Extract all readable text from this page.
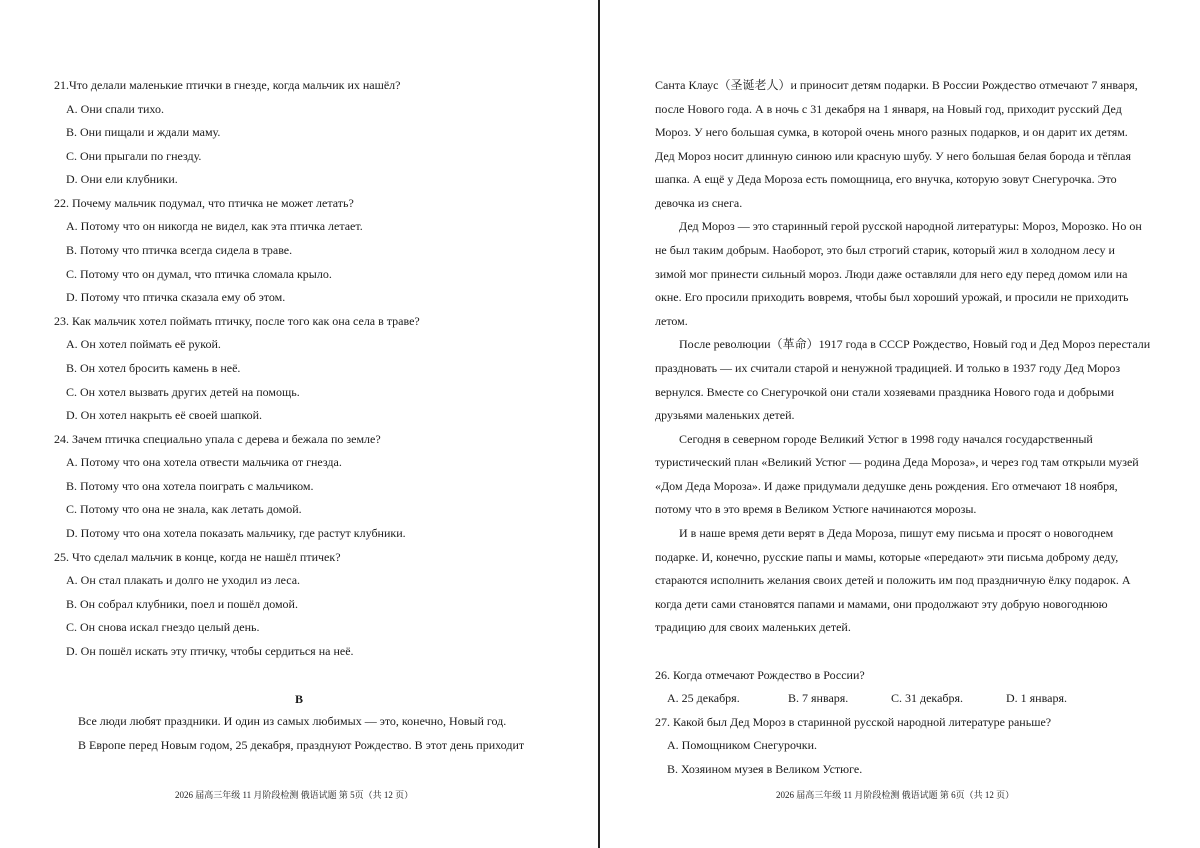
21.Что делали маленькие птички в гнезде, когда мальчик их нашёл?
A. Они спали тихо.
B. Они пищали и ждали маму.
C. Они прыгали по гнезду.
D. Они ели клубники.
22. Почему мальчик подумал, что птичка не может летать?
A. Потому что он никогда не видел, как эта птичка летает.
B. Потому что птичка всегда сидела в траве.
C. Потому что он думал, что птичка сломала крыло.
D. Потому что птичка сказала ему об этом.
23. Как мальчик хотел поймать птичку, после того как она села в траве?
A. Он хотел поймать её рукой.
B. Он хотел бросить камень в неё.
C. Он хотел вызвать других детей на помощь.
D. Он хотел накрыть её своей шапкой.
24. Зачем птичка специально упала с дерева и бежала по земле?
A. Потому что она хотела отвести мальчика от гнезда.
B. Потому что она хотела поиграть с мальчиком.
C. Потому что она не знала, как летать домой.
D. Потому что она хотела показать мальчику, где растут клубники.
25. Что сделал мальчик в конце, когда не нашёл птичек?
A. Он стал плакать и долго не уходил из леса.
B. Он собрал клубники, поел и пошёл домой.
C. Он снова искал гнездо целый день.
D. Он пошёл искать эту птичку, чтобы сердиться на неё.
B
Все люди любят праздники. И один из самых любимых — это, конечно, Новый год.
В Европе перед Новым годом, 25 декабря, празднуют Рождество. В этот день приходит
2026 届高三年级 11 月阶段检测 俄语试题 第 5页（共 12 页）
Санта Клаус（圣诞老人）и приносит детям подарки. В России Рождество отмечают 7 января,
после Нового года. А в ночь с 31 декабря на 1 января, на Новый год, приходит русский Дед
Мороз. У него большая сумка, в которой очень много разных подарков, и он дарит их детям.
Дед Мороз носит длинную синюю или красную шубу. У него большая белая борода и тёплая
шапка. А ещё у Деда Мороза есть помощница, его внучка, которую зовут Снегурочка. Это
девочка из снега.
Дед Мороз — это старинный герой русской народной литературы: Мороз, Морозко. Но он
не был таким добрым. Наоборот, это был строгий старик, который жил в холодном лесу и
зимой мог принести сильный мороз. Люди даже оставляли для него еду перед домом или на
окне. Его просили приходить вовремя, чтобы был хороший урожай, и просили не приходить
летом.
После революции（革命）1917 года в СССР Рождество, Новый год и Дед Мороз перестали
праздновать — их считали старой и ненужной традицией. И только в 1937 году Дед Мороз
вернулся. Вместе со Снегурочкой они стали хозяевами праздника Нового года и добрыми
друзьями маленьких детей.
Сегодня в северном городе Великий Устюг в 1998 году начался государственный
туристический план «Великий Устюг — родина Деда Мороза», и через год там открыли музей
«Дом Деда Мороза». И даже придумали дедушке день рождения. Его отмечают 18 ноября,
потому что в это время в Великом Устюге начинаются морозы.
И в наше время дети верят в Деда Мороза, пишут ему письма и просят о новогоднем
подарке. И, конечно, русские папы и мамы, которые «передают» эти письма доброму деду,
стараются исполнить желания своих детей и положить им под праздничную ёлку подарок. А
когда дети сами становятся папами и мамами, они продолжают эту добрую новогоднюю
традицию для своих маленьких детей.
26. Когда отмечают Рождество в России?
A. 25 декабря.	B. 7 января.	C. 31 декабря.	D. 1 января.
27. Какой был Дед Мороз в старинной русской народной литературе раньше?
A. Помощником Снегурочки.
B. Хозяином музея в Великом Устюге.
2026 届高三年级 11 月阶段检测 俄语试题 第 6页（共 12 页）
